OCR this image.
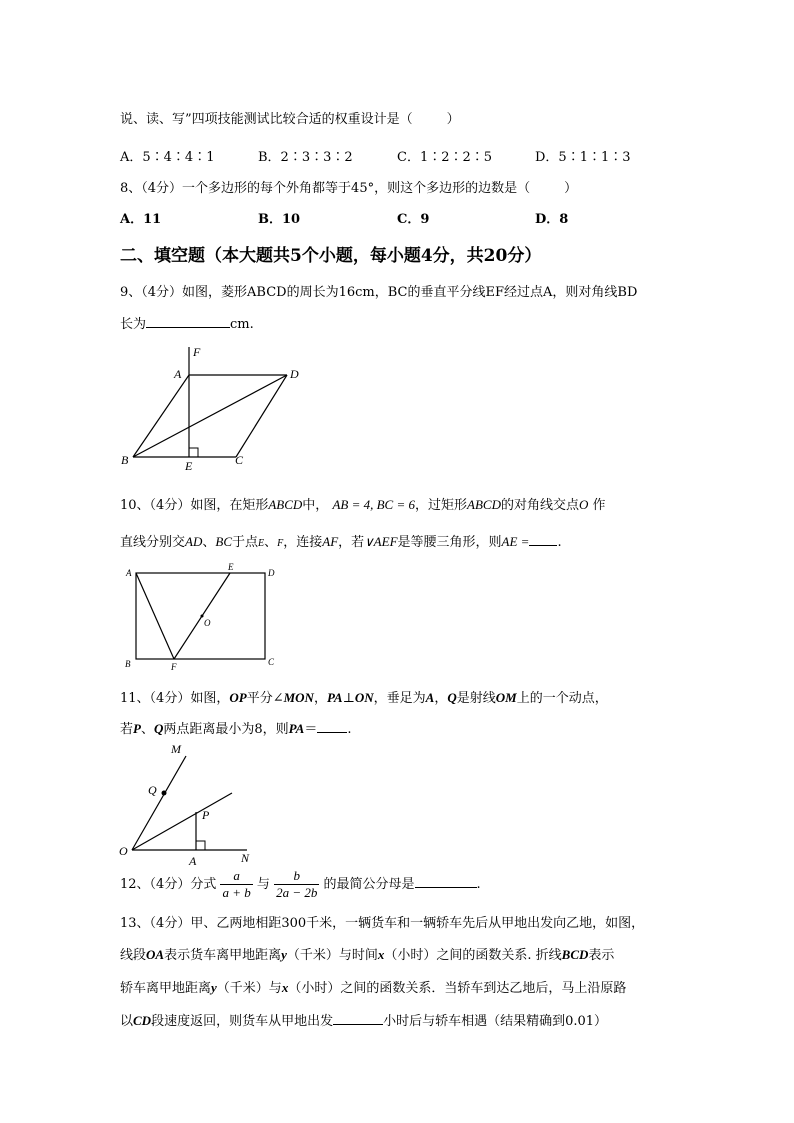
说、读、写”四项技能测试比较合适的权重设计是（	）
A．5∶4∶4∶1	B．2∶3∶3∶2	C．1∶2∶2∶5	D．5∶1∶1∶3
8、（4分）一个多边形的每个外角都等于45°，则这个多边形的边数是（	）
A．11	B．10	C．9	D．8
二、填空题（本大题共5个小题，每小题4分，共20分）
9、（4分）如图，菱形ABCD的周长为16cm，BC的垂直平分线EF经过点A，则对角线BD
长为	cm.
F
A	D
B	E	C
10、（4分）如图，在矩形ABCD中， AB = 4, BC = 6，过矩形ABCD的对角线交点O 作
直线分别交AD、BC于点E、F，连接AF，若∨AEF是等腰三角形，则AE = .
A
E
D
O
B	F	C
11、（4分）如图，OP平分∠MON，PA⊥ON，垂足为A，Q是射线OM上的一个动点，
若P、Q两点距离最小为8，则PA＝ .
M
Q
P
O
A	N
12、（4分）分式 $\frac{a}{a + b}$ 与 $\frac{b}{2a - 2b}$ 的最简公分母是	.
13、（4分）甲、乙两地相距300千米，一辆货车和一辆轿车先后从甲地出发向乙地，如图，
线段OA表示货车离甲地距离y（千米）与时间x（小时）之间的函数关系. 折线BCD表示
轿车离甲地距离y（千米）与x（小时）之间的函数关系．当轿车到达乙地后，马上沿原路
以CD段速度返回，则货车从甲地出发	小时后与轿车相遇（结果精确到0.01）
